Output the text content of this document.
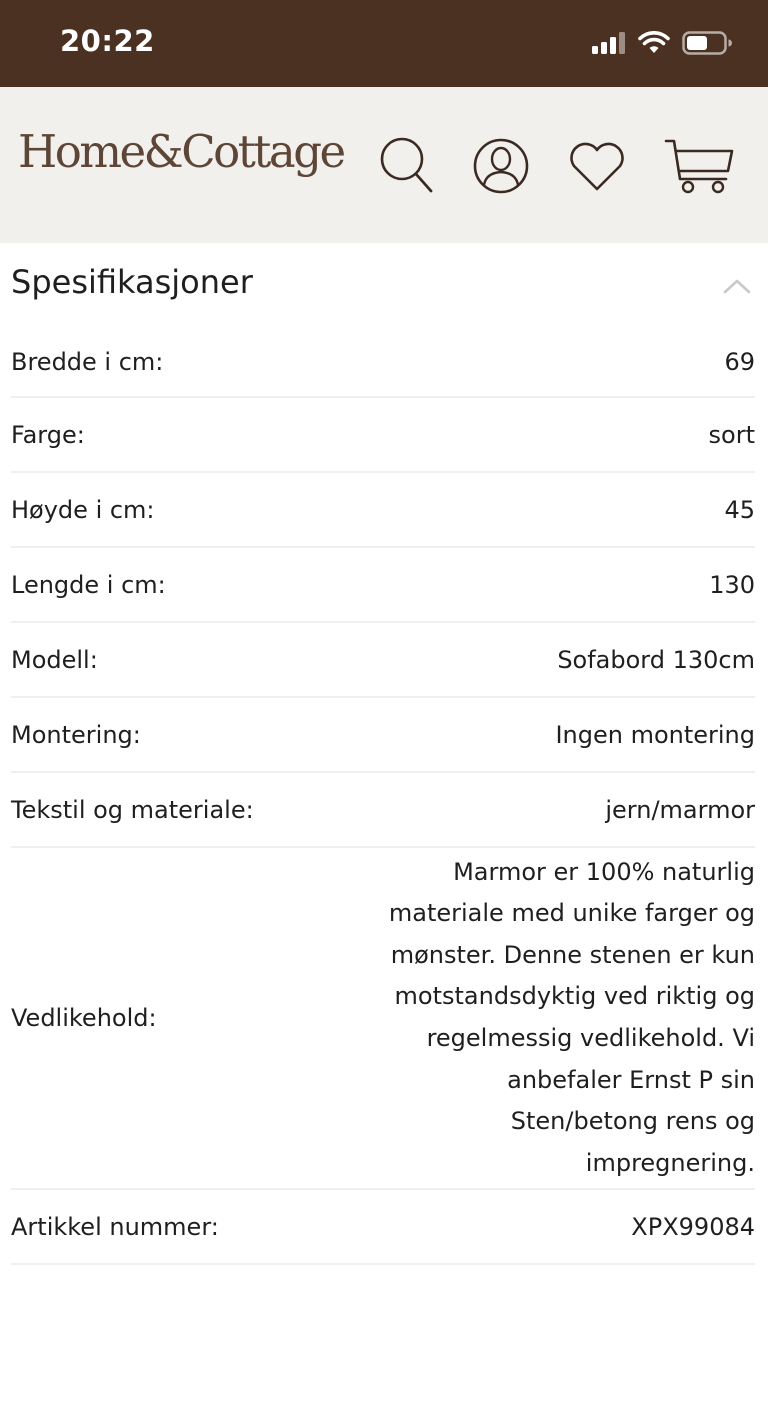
20:22
Home&Cottage
Spesifikasjoner
Bredde i cm:	69
Farge:	sort
Høyde i cm:	45
Lengde i cm:	130
Modell:	Sofabord 130cm
Montering:	Ingen montering
Tekstil og materiale:	jern/marmor
Vedlikehold:
Marmor er 100% naturlig materiale med unike farger og mønster. Denne stenen er kun motstandsdyktig ved riktig og regelmessig vedlikehold. Vi anbefaler Ernst P sin Sten/betong rens og impregnering.
Artikkel nummer:	XPX99084
